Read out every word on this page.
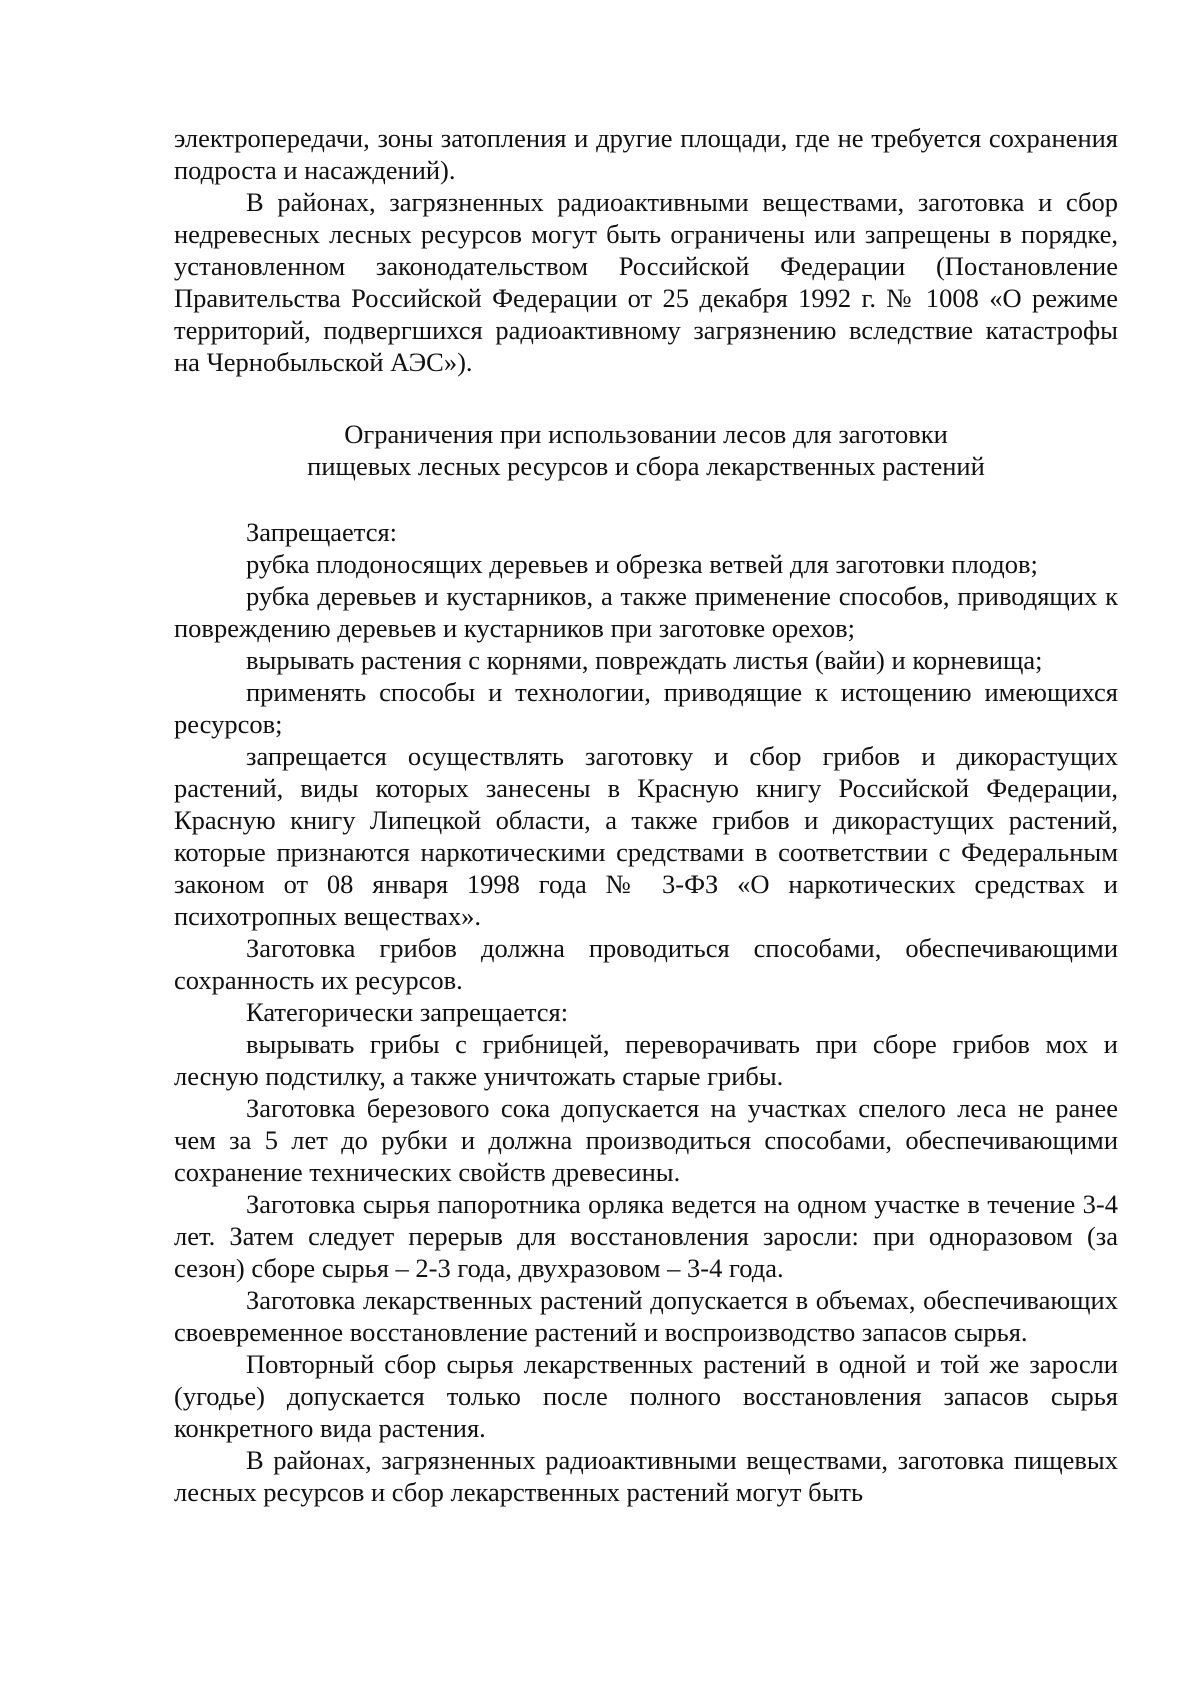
электропередачи, зоны затопления и другие площади, где не требуется сохранения подроста и насаждений).

В районах, загрязненных радиоактивными веществами, заготовка и сбор недревесных лесных ресурсов могут быть ограничены или запрещены в порядке, установленном законодательством Российской Федерации (Постановление Правительства Российской Федерации от 25 декабря 1992 г. № 1008 «О режиме территорий, подвергшихся радиоактивному загрязнению вследствие катастрофы на Чернобыльской АЭС»).

Ограничения при использовании лесов для заготовки

пищевых лесных ресурсов и сбора лекарственных растений

Запрещается:

рубка плодоносящих деревьев и обрезка ветвей для заготовки плодов;

рубка деревьев и кустарников, а также применение способов, приводящих к повреждению деревьев и кустарников при заготовке орехов;

вырывать растения с корнями, повреждать листья (вайи) и корневища;

применять способы и технологии, приводящие к истощению имеющихся ресурсов;

запрещается осуществлять заготовку и сбор грибов и дикорастущих растений, виды которых занесены в Красную книгу Российской Федерации, Красную книгу Липецкой области, а также грибов и дикорастущих растений, которые признаются наркотическими средствами в соответствии с Федеральным законом от 08 января 1998 года № 3-ФЗ «О наркотических средствах и психотропных веществах».

Заготовка грибов должна проводиться способами, обеспечивающими сохранность их ресурсов.

Категорически запрещается:

вырывать грибы с грибницей, переворачивать при сборе грибов мох и лесную подстилку, а также уничтожать старые грибы.

Заготовка березового сока допускается на участках спелого леса не ранее чем за 5 лет до рубки и должна производиться способами, обеспечивающими сохранение технических свойств древесины.

Заготовка сырья папоротника орляка ведется на одном участке в течение 3-4 лет. Затем следует перерыв для восстановления заросли: при одноразовом (за сезон) сборе сырья – 2-3 года, двухразовом – 3-4 года.

Заготовка лекарственных растений допускается в объемах, обеспечивающих своевременное восстановление растений и воспроизводство запасов сырья.

Повторный сбор сырья лекарственных растений в одной и той же заросли (угодье) допускается только после полного восстановления запасов сырья конкретного вида растения.

В районах, загрязненных радиоактивными веществами, заготовка пищевых лесных ресурсов и сбор лекарственных растений могут быть
